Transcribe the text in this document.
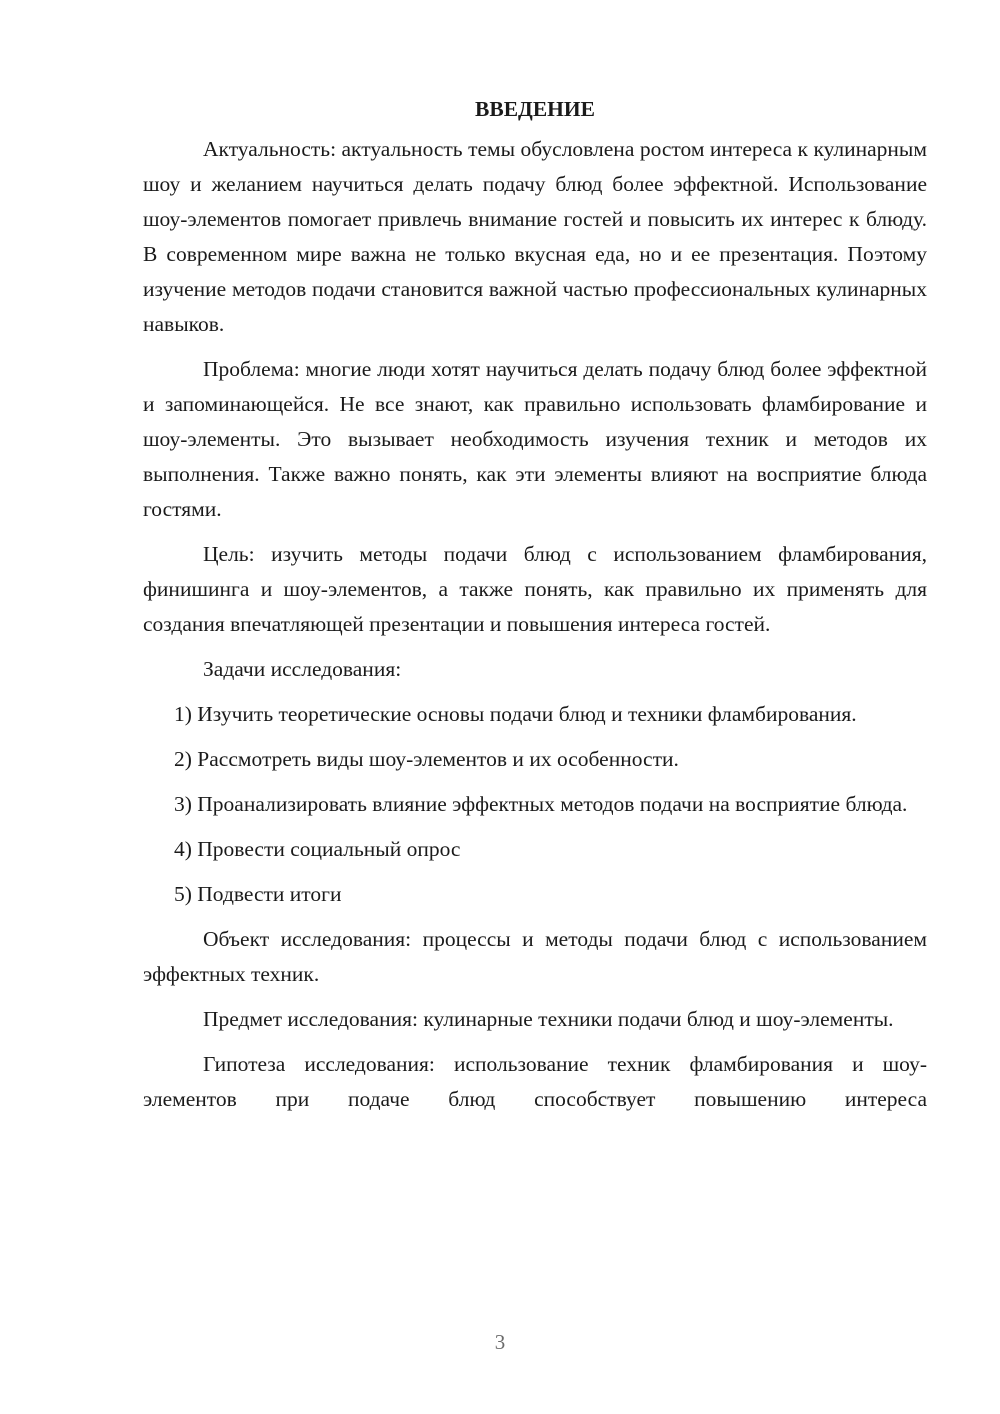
ВВЕДЕНИЕ

Актуальность: актуальность темы обусловлена ростом интереса к кулинарным шоу и желанием научиться делать подачу блюд более эффектной. Использование шоу-элементов помогает привлечь внимание гостей и повысить их интерес к блюду. В современном мире важна не только вкусная еда, но и ее презентация. Поэтому изучение методов подачи становится важной частью профессиональных кулинарных навыков.

Проблема: многие люди хотят научиться делать подачу блюд более эффектной и запоминающейся. Не все знают, как правильно использовать фламбирование и шоу-элементы. Это вызывает необходимость изучения техник и методов их выполнения. Также важно понять, как эти элементы влияют на восприятие блюда гостями.

Цель: изучить методы подачи блюд с использованием фламбирования, финишинга и шоу-элементов, а также понять, как правильно их применять для создания впечатляющей презентации и повышения интереса гостей.

Задачи исследования:

1) Изучить теоретические основы подачи блюд и техники фламбирования.

2) Рассмотреть виды шоу-элементов и их особенности.

3) Проанализировать влияние эффектных методов подачи на восприятие блюда.

4) Провести социальный опрос

5) Подвести итоги

Объект исследования: процессы и методы подачи блюд с использованием эффектных техник.

Предмет исследования: кулинарные техники подачи блюд и шоу-элементы.

Гипотеза исследования: использование техник фламбирования и шоу-элементов при подаче блюд способствует повышению интереса

3
